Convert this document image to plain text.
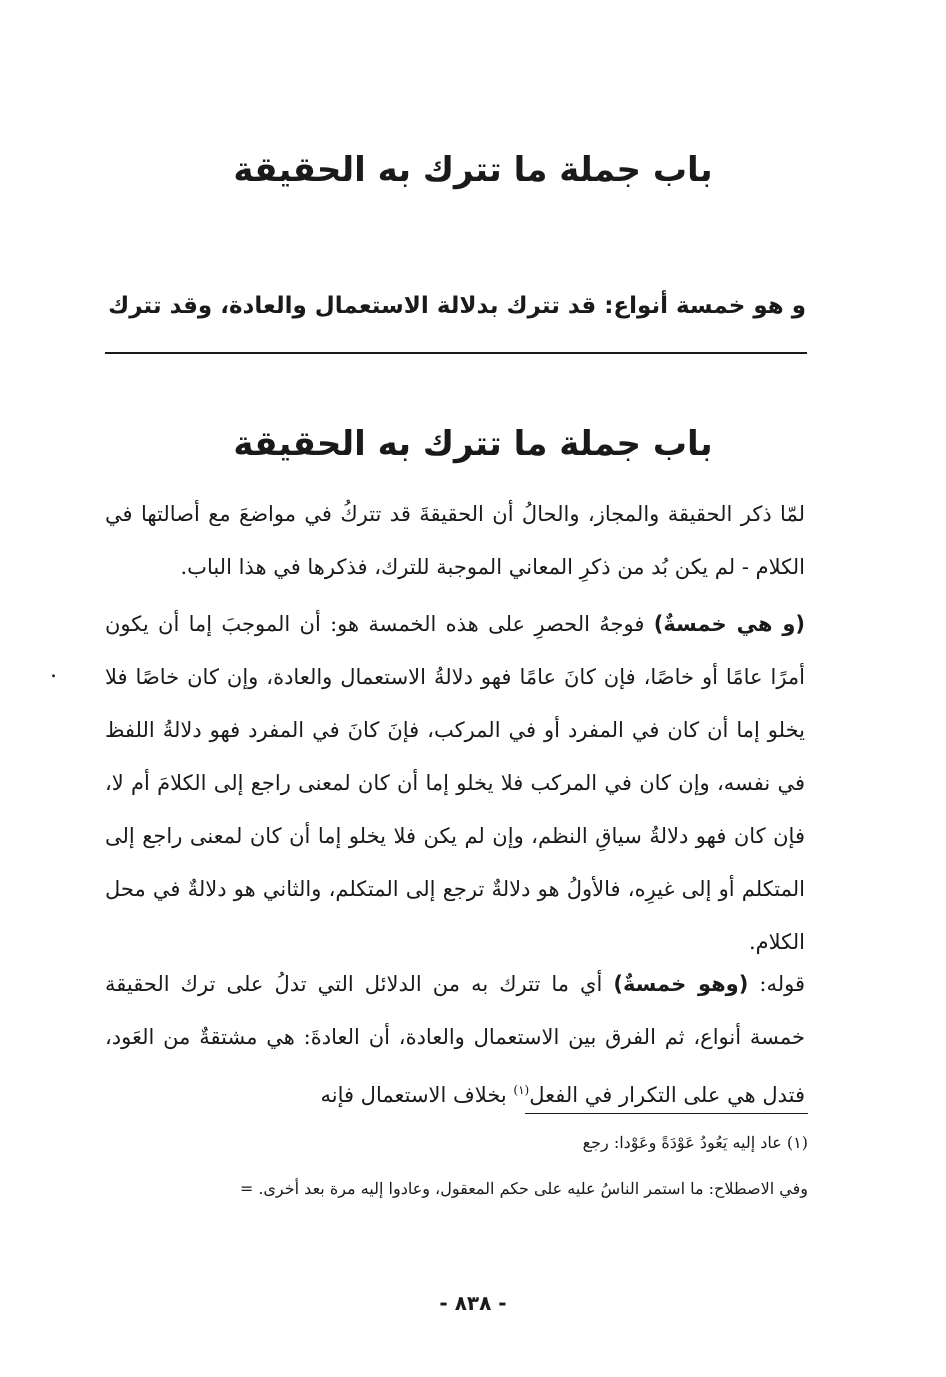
باب جملة ما تترك به الحقيقة
و هو خمسة أنواع: قد تترك بدلالة الاستعمال والعادة، وقد تترك
باب جملة ما تترك به الحقيقة
لمّا ذكر الحقيقة والمجاز، والحالُ أن الحقيقةَ قد تتركُ في مواضعَ مع أصالتها في الكلام - لم يكن بُد من ذكرِ المعاني الموجبة للترك، فذكرها في هذا الباب.
(و هي خمسةٌ) فوجهُ الحصرِ على هذه الخمسة هو: أن الموجبَ إما أن يكون أمرًا عامًا أو خاصًا، فإن كانَ عامًا فهو دلالةُ الاستعمال والعادة، وإن كان خاصًا فلا يخلو إما أن كان في المفرد أو في المركب، فإنَ كانَ في المفرد فهو دلالةُ اللفظ في نفسه، وإن كان في المركب فلا يخلو إما أن كان لمعنى راجع إلى الكلامَ أم لا، فإن كان فهو دلالةُ سياقِ النظم، وإن لم يكن فلا يخلو إما أن كان لمعنى راجع إلى المتكلم أو إلى غيرِه، فالأولُ هو دلالةٌ ترجع إلى المتكلم، والثاني هو دلالةٌ في محل الكلام.
.
قوله: (وهو خمسةٌ) أي ما تترك به من الدلائل التي تدلُ على ترك الحقيقة خمسة أنواع، ثم الفرق بين الاستعمال والعادة، أن العادةَ: هي مشتقةٌ من العَود، فتدل هي على التكرار في الفعل$^{(١)}$ بخلاف الاستعمال فإنه
(١) عاد إليه يَعُودُ عَوْدَةً وعَوْدا: رجع
وفي الاصطلاح: ما استمر الناسُ عليه على حكم المعقول، وعادوا إليه مرة بعد أخرى. =
- ٨٣٨ -
